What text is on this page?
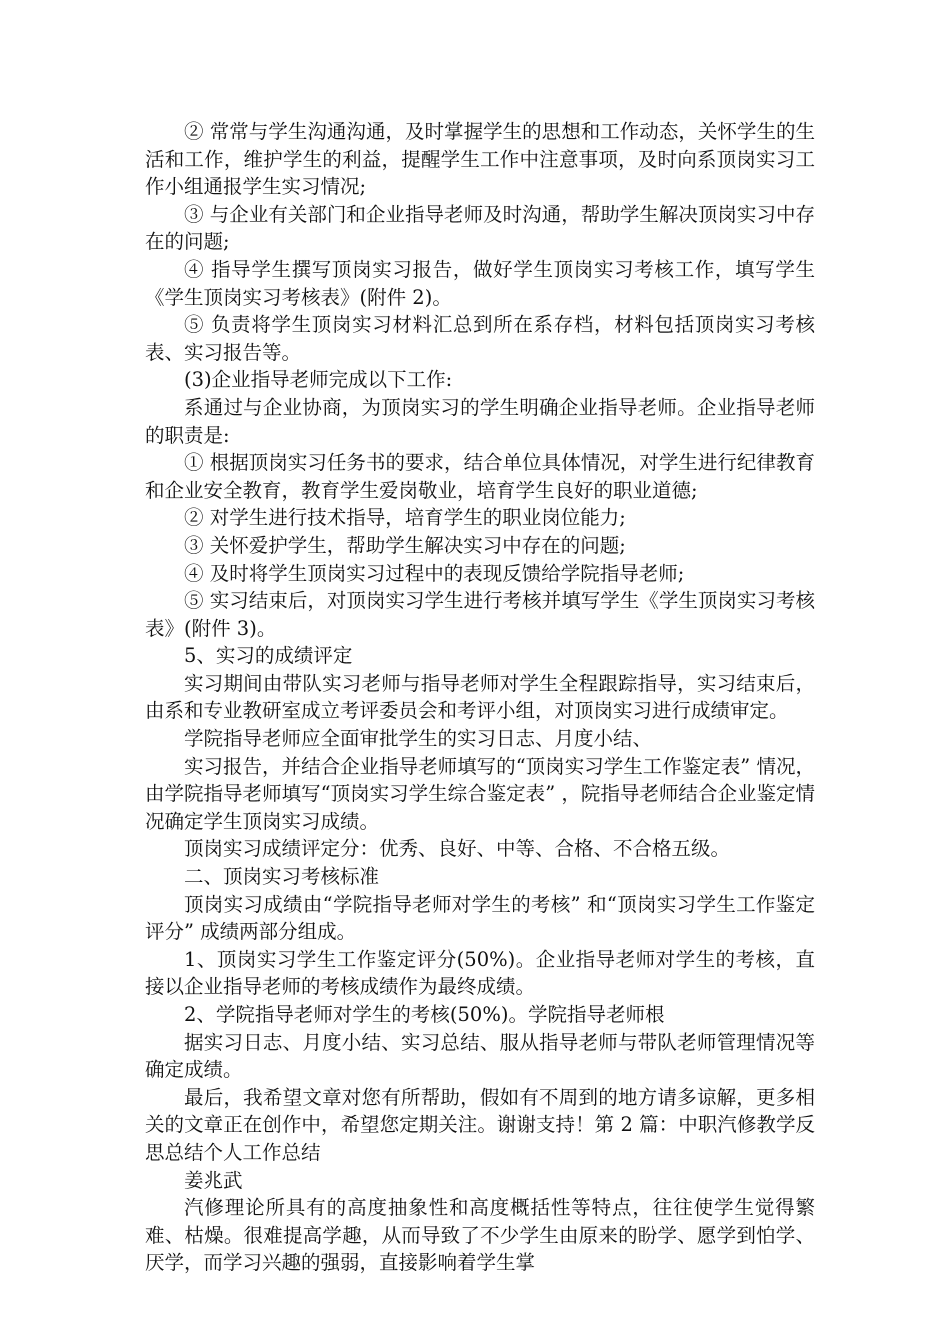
② 常常与学生沟通沟通，及时掌握学生的思想和工作动态，关怀学生的生活和工作，维护学生的利益，提醒学生工作中注意事项，及时向系顶岗实习工作小组通报学生实习情况;

③ 与企业有关部门和企业指导老师及时沟通，帮助学生解决顶岗实习中存在的问题;

④ 指导学生撰写顶岗实习报告，做好学生顶岗实习考核工作，填写学生《学生顶岗实习考核表》(附件 2)。

⑤ 负责将学生顶岗实习材料汇总到所在系存档，材料包括顶岗实习考核表、实习报告等。

(3)企业指导老师完成以下工作:

系通过与企业协商，为顶岗实习的学生明确企业指导老师。企业指导老师的职责是:

① 根据顶岗实习任务书的要求，结合单位具体情况，对学生进行纪律教育和企业安全教育，教育学生爱岗敬业，培育学生良好的职业道德;

② 对学生进行技术指导，培育学生的职业岗位能力;

③ 关怀爱护学生，帮助学生解决实习中存在的问题;

④ 及时将学生顶岗实习过程中的表现反馈给学院指导老师;

⑤ 实习结束后，对顶岗实习学生进行考核并填写学生《学生顶岗实习考核表》(附件 3)。

5、实习的成绩评定

实习期间由带队实习老师与指导老师对学生全程跟踪指导，实习结束后，由系和专业教研室成立考评委员会和考评小组，对顶岗实习进行成绩审定。

学院指导老师应全面审批学生的实习日志、月度小结、

实习报告，并结合企业指导老师填写的“顶岗实习学生工作鉴定表” 情况，由学院指导老师填写“顶岗实习学生综合鉴定表” ，院指导老师结合企业鉴定情况确定学生顶岗实习成绩。

顶岗实习成绩评定分：优秀、良好、中等、合格、不合格五级。

二、顶岗实习考核标准

顶岗实习成绩由“学院指导老师对学生的考核” 和“顶岗实习学生工作鉴定评分” 成绩两部分组成。

1、顶岗实习学生工作鉴定评分(50%)。企业指导老师对学生的考核，直接以企业指导老师的考核成绩作为最终成绩。

2、学院指导老师对学生的考核(50%)。学院指导老师根

据实习日志、月度小结、实习总结、服从指导老师与带队老师管理情况等确定成绩。

最后，我希望文章对您有所帮助，假如有不周到的地方请多谅解，更多相关的文章正在创作中，希望您定期关注。谢谢支持！第 2 篇：中职汽修教学反思总结个人工作总结

姜兆武

汽修理论所具有的高度抽象性和高度概括性等特点，往往使学生觉得繁难、枯燥。很难提高学趣，从而导致了不少学生由原来的盼学、愿学到怕学、厌学，而学习兴趣的强弱，直接影响着学生掌
